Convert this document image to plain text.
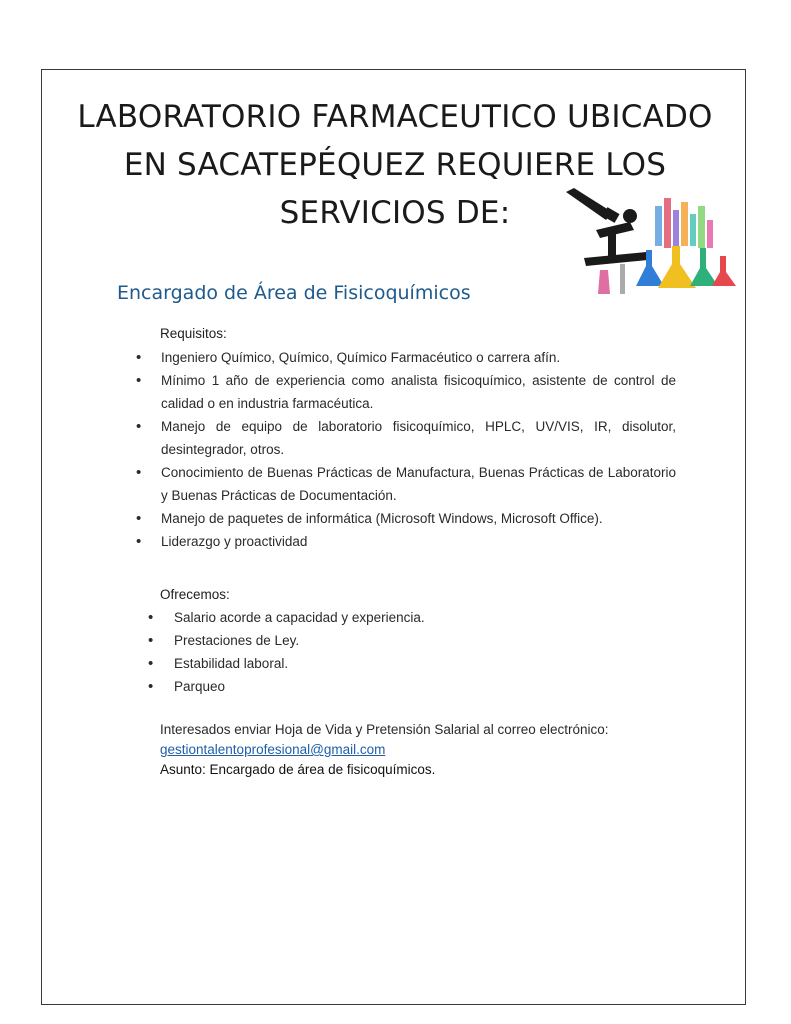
LABORATORIO FARMACEUTICO UBICADO
EN SACATEPÉQUEZ REQUIERE LOS
SERVICIOS DE:
Encargado de Área de Fisicoquímicos
Requisitos:
• Ingeniero Químico, Químico, Químico Farmacéutico o carrera afín.
• Mínimo 1 año de experiencia como analista fisicoquímico, asistente de control de calidad o en industria farmacéutica.
• Manejo de equipo de laboratorio fisicoquímico, HPLC, UV/VIS, IR, disolutor, desintegrador, otros.
• Conocimiento de Buenas Prácticas de Manufactura, Buenas Prácticas de Laboratorio y Buenas Prácticas de Documentación.
• Manejo de paquetes de informática (Microsoft Windows, Microsoft Office).
• Liderazgo y proactividad
Ofrecemos:
• Salario acorde a capacidad y experiencia.
• Prestaciones de Ley.
• Estabilidad laboral.
• Parqueo
Interesados enviar Hoja de Vida y Pretensión Salarial al correo electrónico:
gestiontalentoprofesional@gmail.com
Asunto: Encargado de área de fisicoquímicos.
